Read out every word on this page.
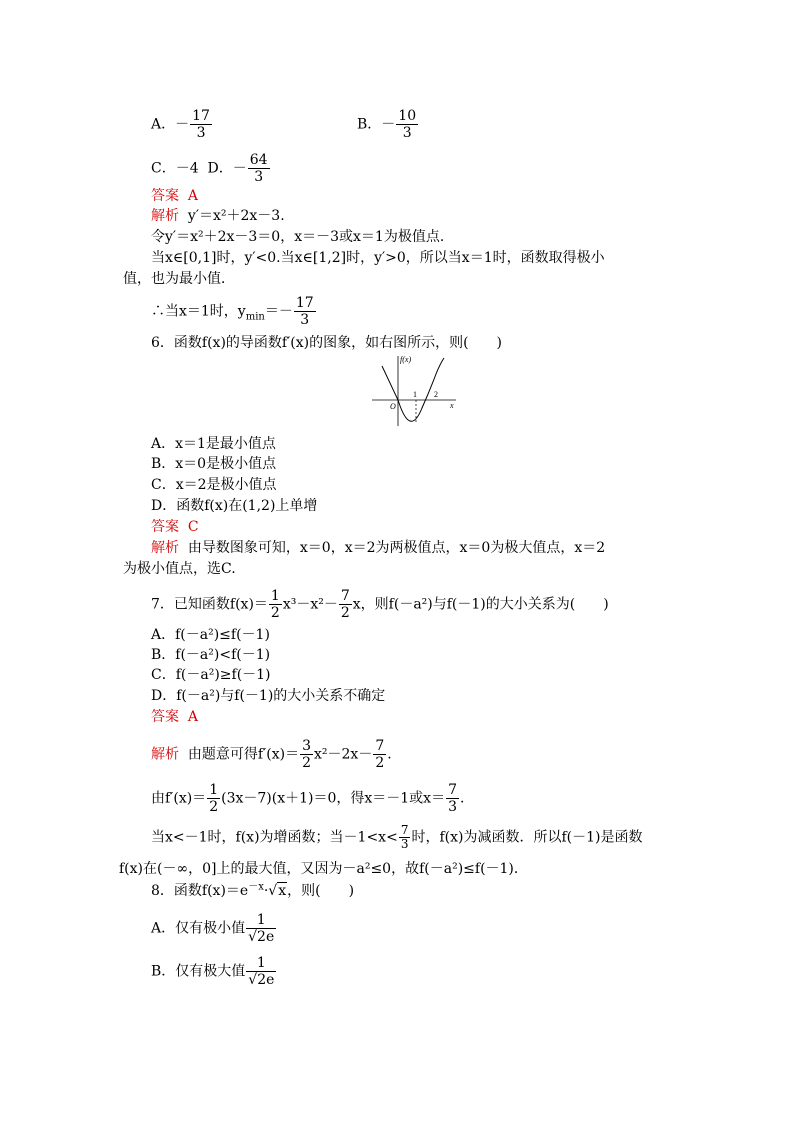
A．－ $\frac{17}{3}$	B．－ $\frac{10}{3}$
C．－4 D．－ $\frac{64}{3}$
答案 A
解析 y′＝x²＋2x－3.
令y′＝x²＋2x－3＝0，x＝－3或x＝1为极值点．
当x∈[0,1]时，y′<0.当x∈[1,2]时，y′>0，所以当x＝1时，函数取得极小
值，也为最小值．
∴当x＝1时，$y_{min}=- \frac{17}{3}$
6．函数f(x)的导函数f′(x)的图象，如右图所示，则(　　)
f(x)
x
O
1 2
A．x＝1是最小值点
B．x＝0是极小值点
C．x＝2是极小值点
D．函数f(x)在(1,2)上单增
答案 C
解析 由导数图象可知，x＝0，x＝2为两极值点，x＝0为极大值点，x＝2
为极小值点，选C.
7．已知函数$f(x)= \frac{1}{2} x^3-x^2- \frac{7}{2}$ x，则f(－a²)与f(－1)的大小关系为(　　)
A．f(－a²)≤f(－1)
B．f(－a²)<f(－1)
C．f(－a²)≥f(－1)
D．f(－a²)与f(－1)的大小关系不确定
答案 A
解析 由题意可得$f'(x)= \frac{3}{2} x^2-2x- \frac{7}{2}$ .
由$f'(x)= \frac{1}{2} (3x-7)(x+1)=0$，得x＝－1或$x= \frac{7}{3}$ .
当x<－1时，f(x)为增函数；当$-1<x< \frac{7}{3}$ 时，f(x)为减函数．所以f(－1)是函数
f(x)在(－∞，0]上的最大值，又因为－a²≤0，故f(－a²)≤f(－1)．
8．函数$f(x)=e^{-x}\cdot√x$，则(　　)
A．仅有极小值 $\frac{1}{√2e}$
B．仅有极大值 $\frac{1}{√2e}$
